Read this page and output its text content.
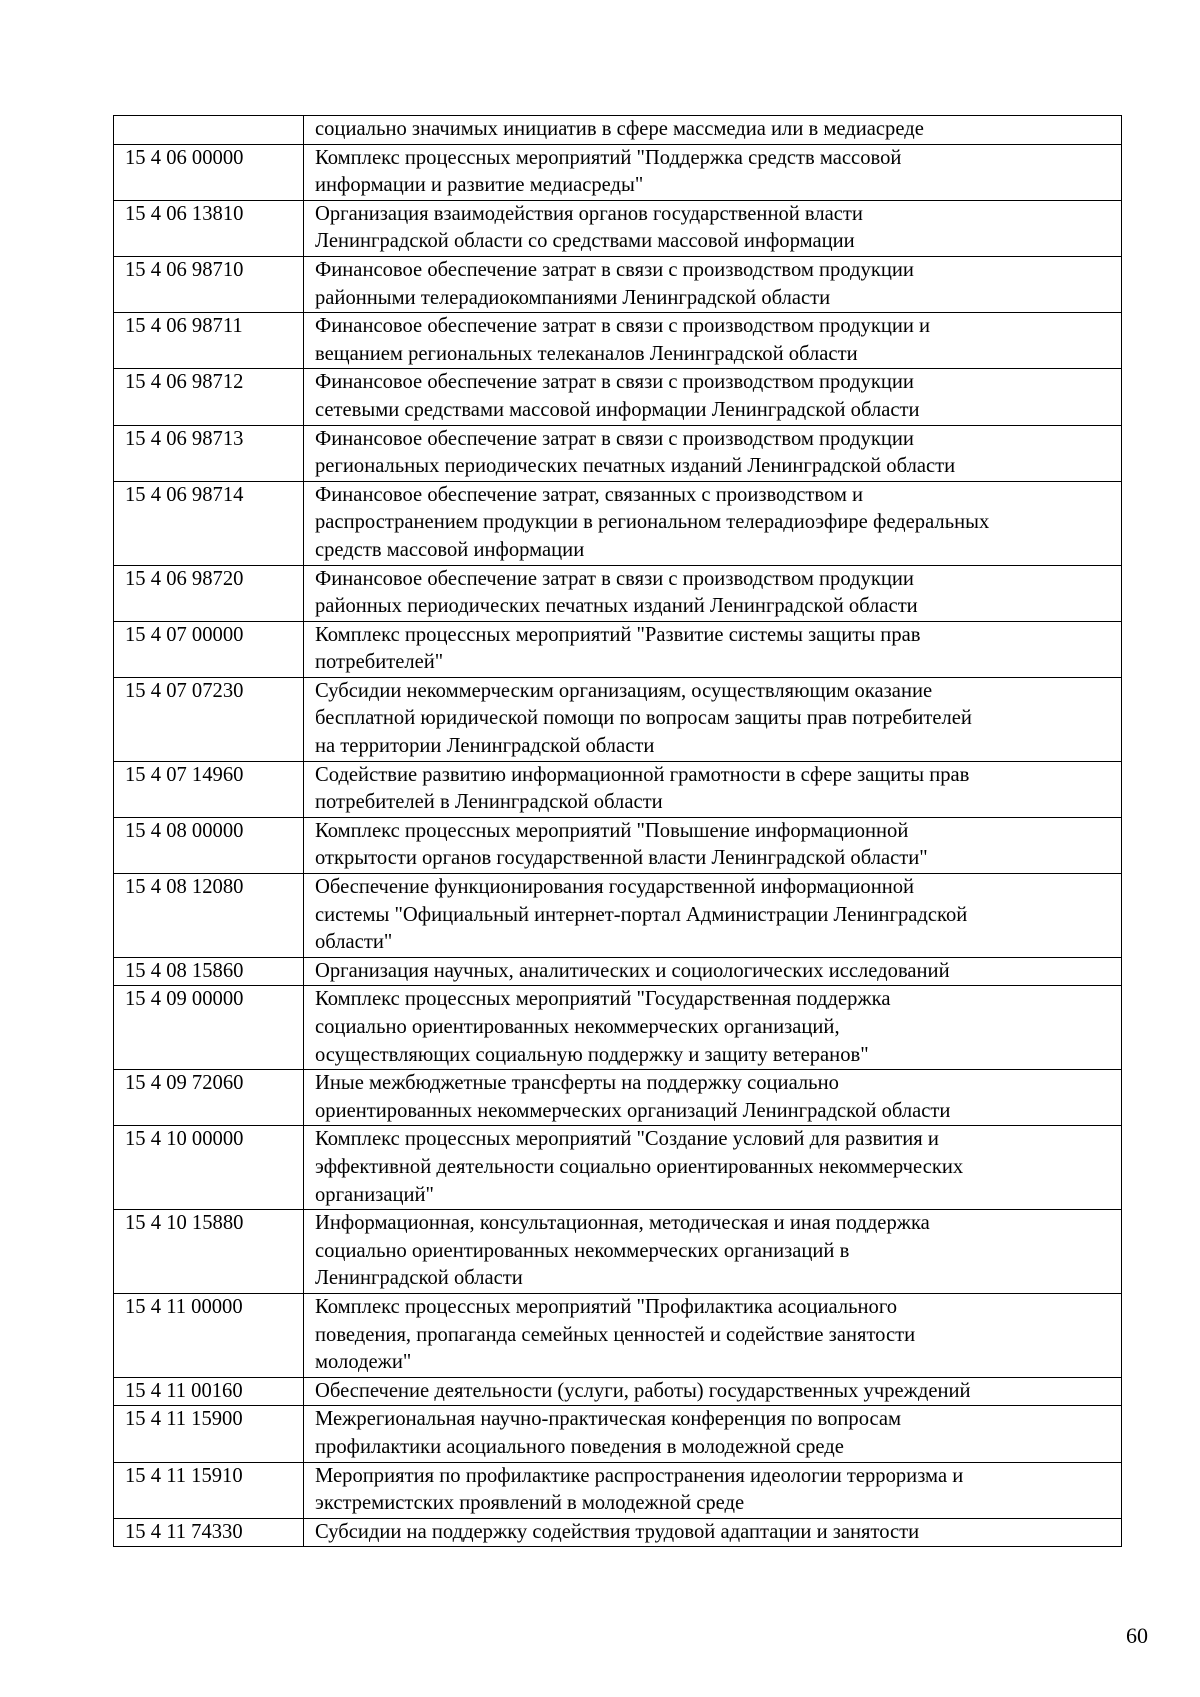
	социально значимых инициатив в сфере массмедиа или в медиасреде
15 4 06 00000	Комплекс процессных мероприятий "Поддержка средств массовой
информации и развитие медиасреды"
15 4 06 13810	Организация взаимодействия органов государственной власти
Ленинградской области со средствами массовой информации
15 4 06 98710	Финансовое обеспечение затрат в связи с производством продукции
районными телерадиокомпаниями Ленинградской области
15 4 06 98711	Финансовое обеспечение затрат в связи с производством продукции и
вещанием региональных телеканалов Ленинградской области
15 4 06 98712	Финансовое обеспечение затрат в связи с производством продукции
сетевыми средствами массовой информации Ленинградской области
15 4 06 98713	Финансовое обеспечение затрат в связи с производством продукции
региональных периодических печатных изданий Ленинградской области
15 4 06 98714	Финансовое обеспечение затрат, связанных с производством и
распространением продукции в региональном телерадиоэфире федеральных
средств массовой информации
15 4 06 98720	Финансовое обеспечение затрат в связи с производством продукции
районных периодических печатных изданий Ленинградской области
15 4 07 00000	Комплекс процессных мероприятий "Развитие системы защиты прав
потребителей"
15 4 07 07230	Субсидии некоммерческим организациям, осуществляющим оказание
бесплатной юридической помощи по вопросам защиты прав потребителей
на территории Ленинградской области
15 4 07 14960	Содействие развитию информационной грамотности в сфере защиты прав
потребителей в Ленинградской области
15 4 08 00000	Комплекс процессных мероприятий "Повышение информационной
открытости органов государственной власти Ленинградской области"
15 4 08 12080	Обеспечение функционирования государственной информационной
системы "Официальный интернет-портал Администрации Ленинградской
области"
15 4 08 15860	Организация научных, аналитических и социологических исследований
15 4 09 00000	Комплекс процессных мероприятий "Государственная поддержка
социально ориентированных некоммерческих организаций,
осуществляющих социальную поддержку и защиту ветеранов"
15 4 09 72060	Иные межбюджетные трансферты на поддержку социально
ориентированных некоммерческих организаций Ленинградской области
15 4 10 00000	Комплекс процессных мероприятий "Создание условий для развития и
эффективной деятельности социально ориентированных некоммерческих
организаций"
15 4 10 15880	Информационная, консультационная, методическая и иная поддержка
социально ориентированных некоммерческих организаций в
Ленинградской области
15 4 11 00000	Комплекс процессных мероприятий "Профилактика асоциального
поведения, пропаганда семейных ценностей и содействие занятости
молодежи"
15 4 11 00160	Обеспечение деятельности (услуги, работы) государственных учреждений
15 4 11 15900	Межрегиональная научно-практическая конференция по вопросам
профилактики асоциального поведения в молодежной среде
15 4 11 15910	Мероприятия по профилактике распространения идеологии терроризма и
экстремистских проявлений в молодежной среде
15 4 11 74330	Субсидии на поддержку содействия трудовой адаптации и занятости
60
